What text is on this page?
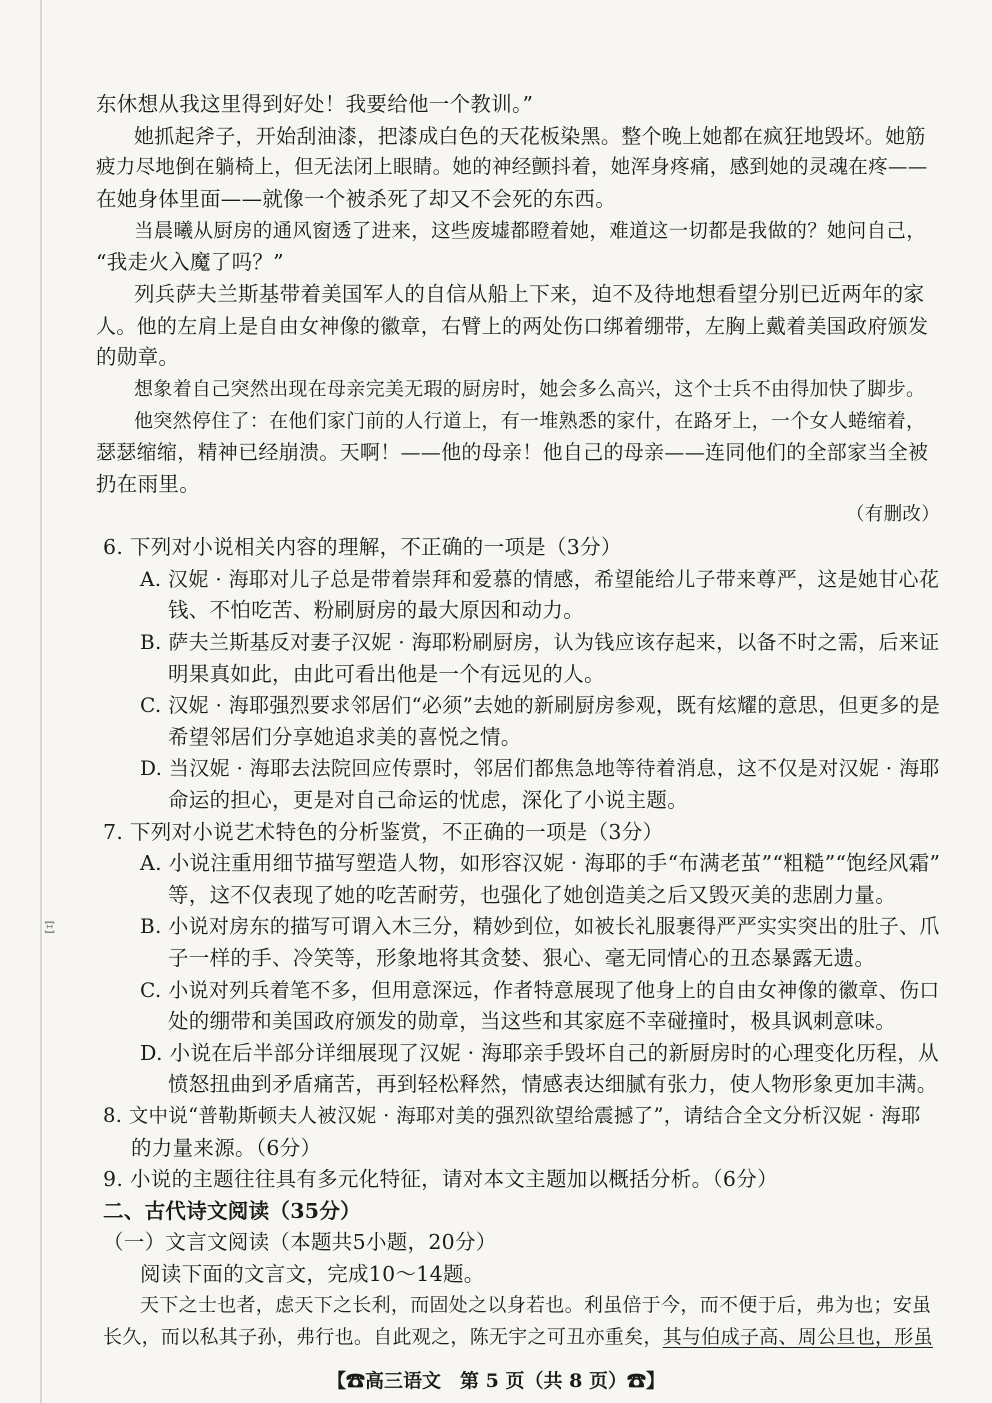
Ξ
东休想从我这里得到好处！我要给他一个教训。”
她抓起斧子，开始刮油漆，把漆成白色的天花板染黑。整个晚上她都在疯狂地毁坏。她筋
疲力尽地倒在躺椅上，但无法闭上眼睛。她的神经颤抖着，她浑身疼痛，感到她的灵魂在疼——
在她身体里面——就像一个被杀死了却又不会死的东西。
当晨曦从厨房的通风窗透了进来，这些废墟都瞪着她，难道这一切都是我做的？她问自己，
“我走火入魔了吗？”
列兵萨夫兰斯基带着美国军人的自信从船上下来，迫不及待地想看望分别已近两年的家
人。他的左肩上是自由女神像的徽章，右臂上的两处伤口绑着绷带，左胸上戴着美国政府颁发
的勋章。
想象着自己突然出现在母亲完美无瑕的厨房时，她会多么高兴，这个士兵不由得加快了脚步。
他突然停住了：在他们家门前的人行道上，有一堆熟悉的家什，在路牙上，一个女人蜷缩着，
瑟瑟缩缩，精神已经崩溃。天啊！——他的母亲！他自己的母亲——连同他们的全部家当全被
扔在雨里。
（有删改）
6. 下列对小说相关内容的理解，不正确的一项是（3分）
A. 汉妮 · 海耶对儿子总是带着崇拜和爱慕的情感，希望能给儿子带来尊严，这是她甘心花
钱、不怕吃苦、粉刷厨房的最大原因和动力。
B. 萨夫兰斯基反对妻子汉妮 · 海耶粉刷厨房，认为钱应该存起来，以备不时之需，后来证
明果真如此，由此可看出他是一个有远见的人。
C. 汉妮 · 海耶强烈要求邻居们“必须”去她的新刷厨房参观，既有炫耀的意思，但更多的是
希望邻居们分享她追求美的喜悦之情。
D. 当汉妮 · 海耶去法院回应传票时，邻居们都焦急地等待着消息，这不仅是对汉妮 · 海耶
命运的担心，更是对自己命运的忧虑，深化了小说主题。
7. 下列对小说艺术特色的分析鉴赏，不正确的一项是（3分）
A. 小说注重用细节描写塑造人物，如形容汉妮 · 海耶的手“布满老茧”“粗糙”“饱经风霜”
等，这不仅表现了她的吃苦耐劳，也强化了她创造美之后又毁灭美的悲剧力量。
B. 小说对房东的描写可谓入木三分，精妙到位，如被长礼服裹得严严实实突出的肚子、爪
子一样的手、冷笑等，形象地将其贪婪、狠心、毫无同情心的丑态暴露无遗。
C. 小说对列兵着笔不多，但用意深远，作者特意展现了他身上的自由女神像的徽章、伤口
处的绷带和美国政府颁发的勋章，当这些和其家庭不幸碰撞时，极具讽刺意味。
D. 小说在后半部分详细展现了汉妮 · 海耶亲手毁坏自己的新厨房时的心理变化历程，从
愤怒扭曲到矛盾痛苦，再到轻松释然，情感表达细腻有张力，使人物形象更加丰满。
8. 文中说“普勒斯顿夫人被汉妮 · 海耶对美的强烈欲望给震撼了”，请结合全文分析汉妮 · 海耶
的力量来源。（6分）
9. 小说的主题往往具有多元化特征，请对本文主题加以概括分析。（6分）
二、古代诗文阅读（35分）
（一）文言文阅读（本题共5小题，20分）
阅读下面的文言文，完成10～14题。
天下之士也者，虑天下之长利，而固处之以身若也。利虽倍于今，而不便于后，弗为也；安虽
长久，而以私其子孙，弗行也。自此观之，陈无宇之可丑亦重矣，其与伯成子高、周公旦也，形虽
【☎高三语文　第 5 页（共 8 页）☎】
